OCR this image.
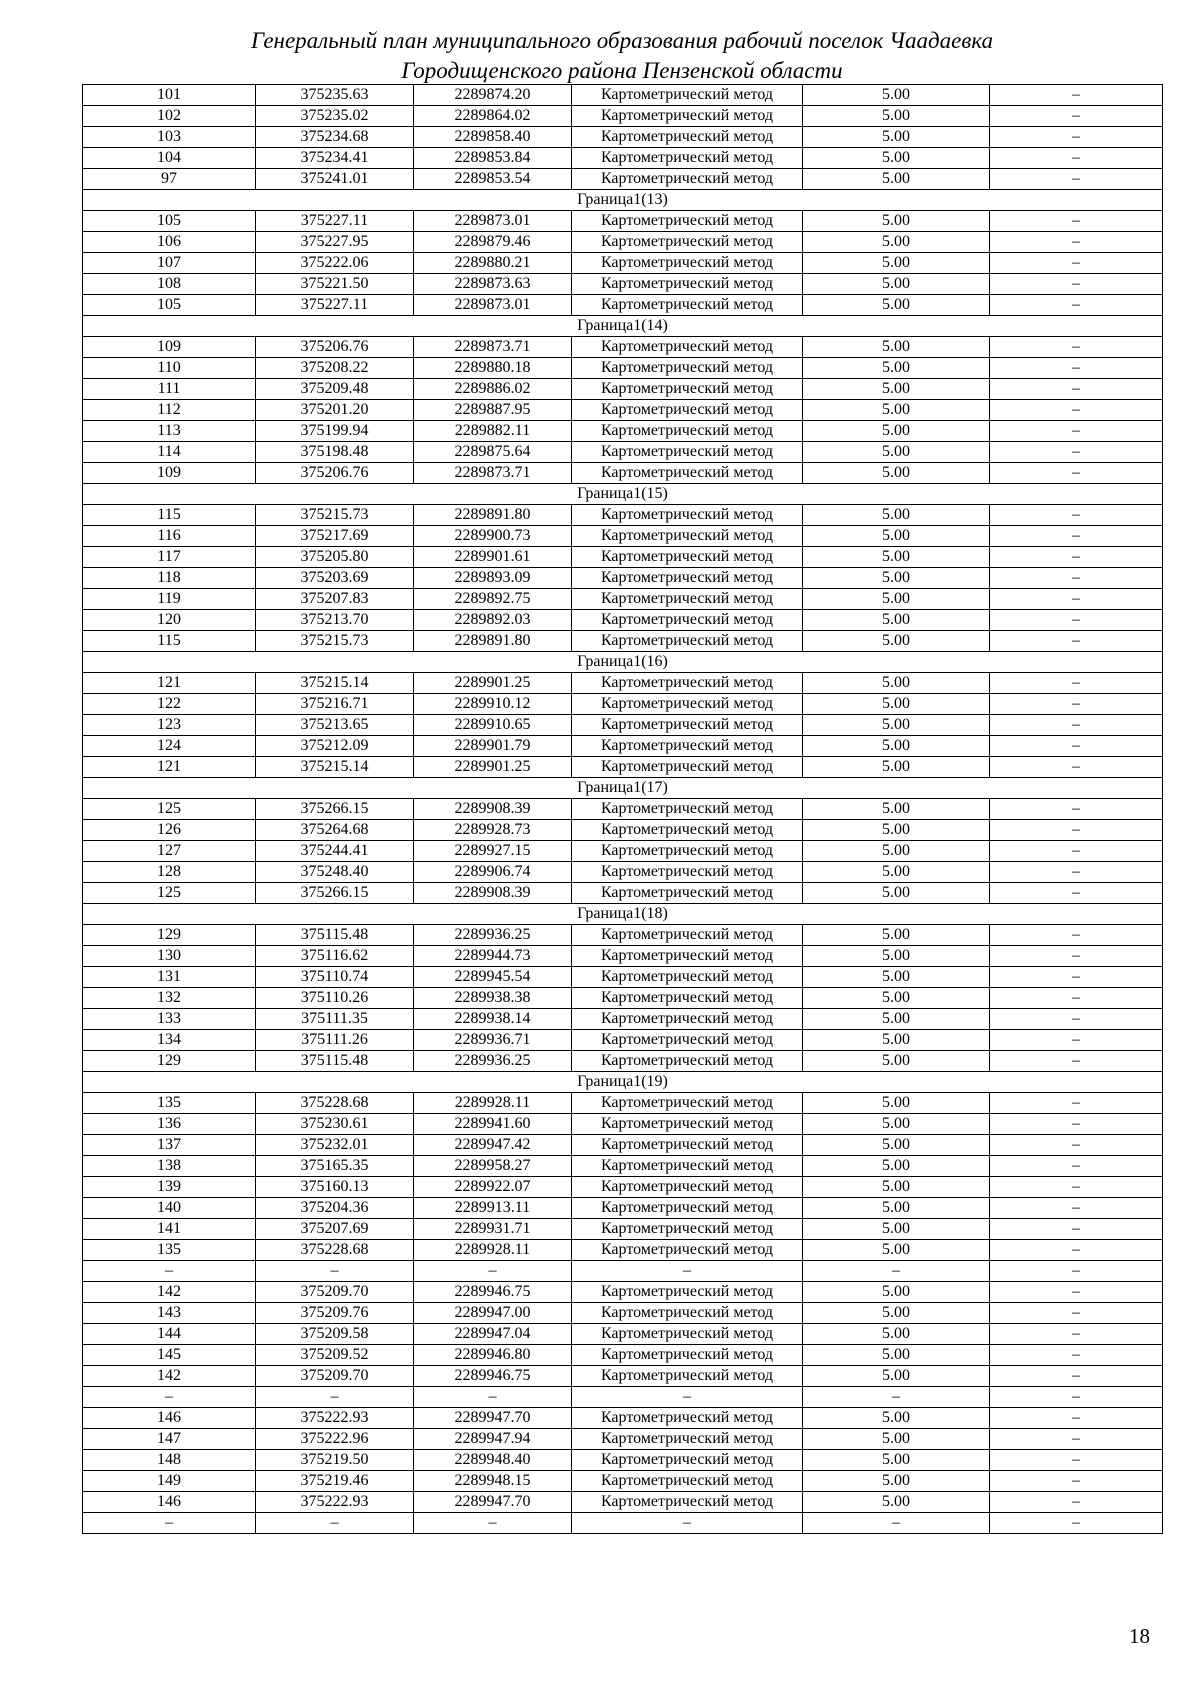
Генеральный план муниципального образования рабочий поселок Чаадаевка
Городищенского района Пензенской области
101	375235.63	2289874.20	Картометрический метод	5.00	–
102	375235.02	2289864.02	Картометрический метод	5.00	–
103	375234.68	2289858.40	Картометрический метод	5.00	–
104	375234.41	2289853.84	Картометрический метод	5.00	–
97	375241.01	2289853.54	Картометрический метод	5.00	–
Граница1(13)					
105	375227.11	2289873.01	Картометрический метод	5.00	–
106	375227.95	2289879.46	Картометрический метод	5.00	–
107	375222.06	2289880.21	Картометрический метод	5.00	–
108	375221.50	2289873.63	Картометрический метод	5.00	–
105	375227.11	2289873.01	Картометрический метод	5.00	–
Граница1(14)					
109	375206.76	2289873.71	Картометрический метод	5.00	–
110	375208.22	2289880.18	Картометрический метод	5.00	–
111	375209.48	2289886.02	Картометрический метод	5.00	–
112	375201.20	2289887.95	Картометрический метод	5.00	–
113	375199.94	2289882.11	Картометрический метод	5.00	–
114	375198.48	2289875.64	Картометрический метод	5.00	–
109	375206.76	2289873.71	Картометрический метод	5.00	–
Граница1(15)					
115	375215.73	2289891.80	Картометрический метод	5.00	–
116	375217.69	2289900.73	Картометрический метод	5.00	–
117	375205.80	2289901.61	Картометрический метод	5.00	–
118	375203.69	2289893.09	Картометрический метод	5.00	–
119	375207.83	2289892.75	Картометрический метод	5.00	–
120	375213.70	2289892.03	Картометрический метод	5.00	–
115	375215.73	2289891.80	Картометрический метод	5.00	–
Граница1(16)					
121	375215.14	2289901.25	Картометрический метод	5.00	–
122	375216.71	2289910.12	Картометрический метод	5.00	–
123	375213.65	2289910.65	Картометрический метод	5.00	–
124	375212.09	2289901.79	Картометрический метод	5.00	–
121	375215.14	2289901.25	Картометрический метод	5.00	–
Граница1(17)					
125	375266.15	2289908.39	Картометрический метод	5.00	–
126	375264.68	2289928.73	Картометрический метод	5.00	–
127	375244.41	2289927.15	Картометрический метод	5.00	–
128	375248.40	2289906.74	Картометрический метод	5.00	–
125	375266.15	2289908.39	Картометрический метод	5.00	–
Граница1(18)					
129	375115.48	2289936.25	Картометрический метод	5.00	–
130	375116.62	2289944.73	Картометрический метод	5.00	–
131	375110.74	2289945.54	Картометрический метод	5.00	–
132	375110.26	2289938.38	Картометрический метод	5.00	–
133	375111.35	2289938.14	Картометрический метод	5.00	–
134	375111.26	2289936.71	Картометрический метод	5.00	–
129	375115.48	2289936.25	Картометрический метод	5.00	–
Граница1(19)					
135	375228.68	2289928.11	Картометрический метод	5.00	–
136	375230.61	2289941.60	Картометрический метод	5.00	–
137	375232.01	2289947.42	Картометрический метод	5.00	–
138	375165.35	2289958.27	Картометрический метод	5.00	–
139	375160.13	2289922.07	Картометрический метод	5.00	–
140	375204.36	2289913.11	Картометрический метод	5.00	–
141	375207.69	2289931.71	Картометрический метод	5.00	–
135	375228.68	2289928.11	Картометрический метод	5.00	–
–	–	–	–	–	–
142	375209.70	2289946.75	Картометрический метод	5.00	–
143	375209.76	2289947.00	Картометрический метод	5.00	–
144	375209.58	2289947.04	Картометрический метод	5.00	–
145	375209.52	2289946.80	Картометрический метод	5.00	–
142	375209.70	2289946.75	Картометрический метод	5.00	–
–	–	–	–	–	–
146	375222.93	2289947.70	Картометрический метод	5.00	–
147	375222.96	2289947.94	Картометрический метод	5.00	–
148	375219.50	2289948.40	Картометрический метод	5.00	–
149	375219.46	2289948.15	Картометрический метод	5.00	–
146	375222.93	2289947.70	Картометрический метод	5.00	–
–	–	–	–	–	–
18
